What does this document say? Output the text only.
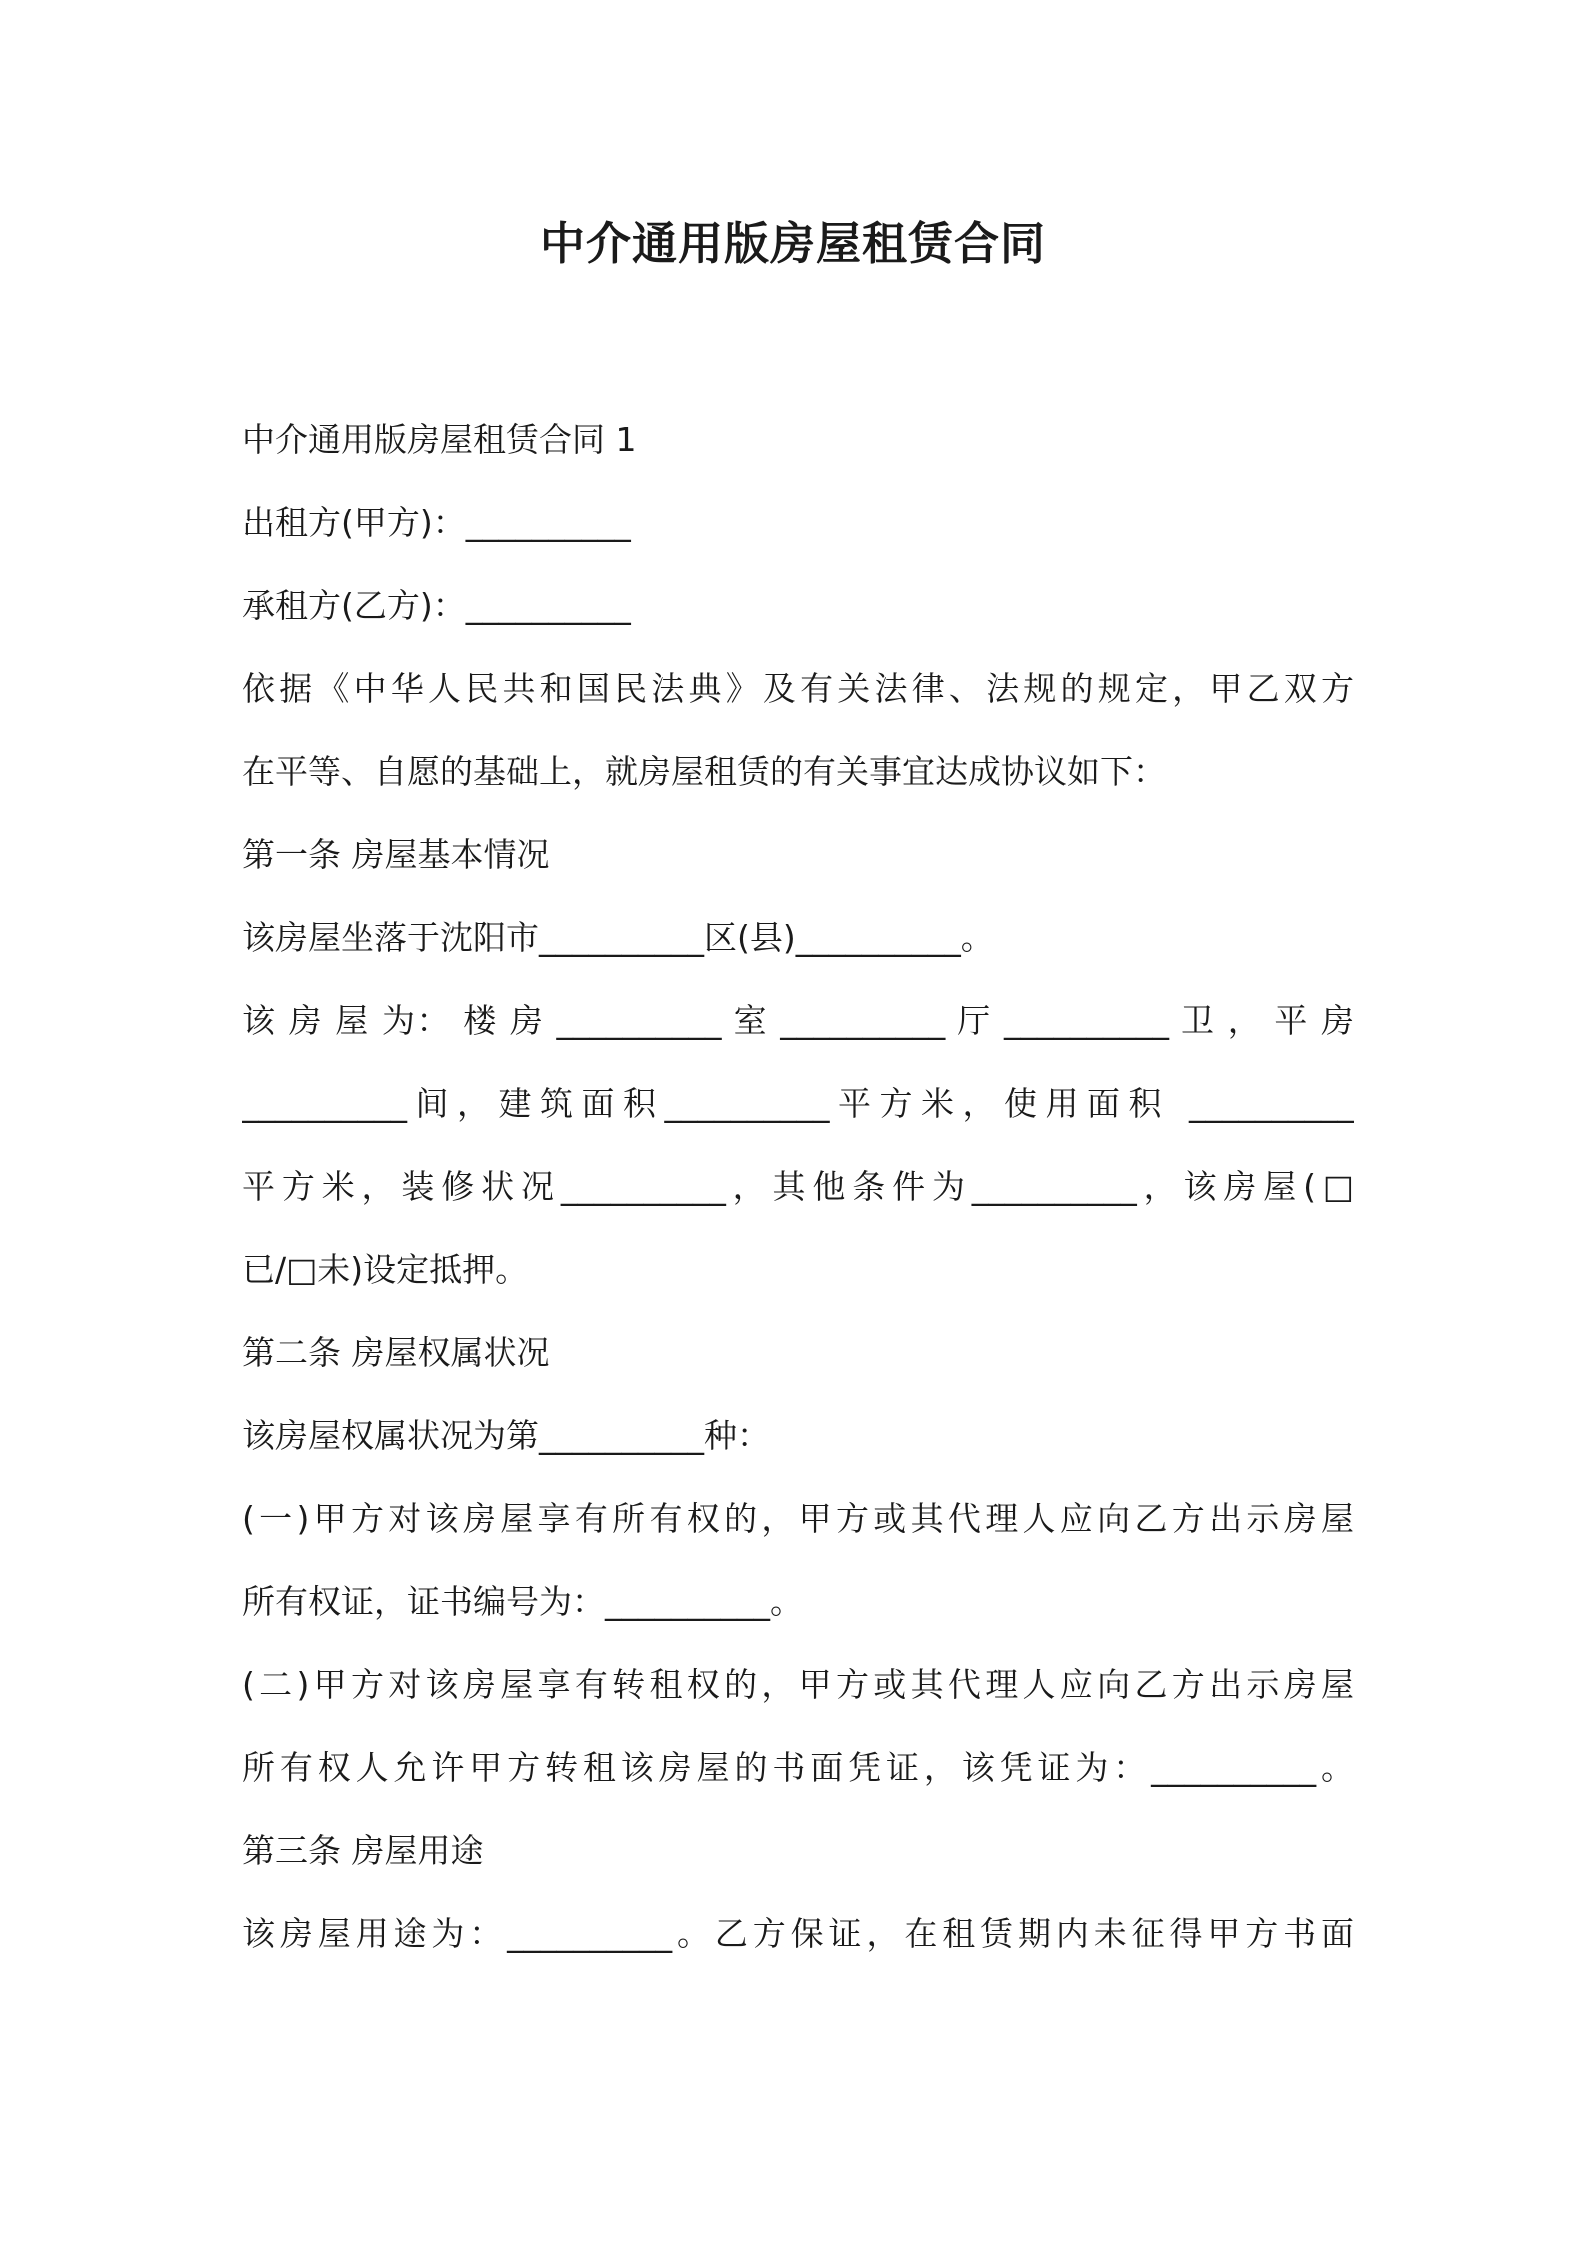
中介通用版房屋租赁合同
中介通用版房屋租赁合同 1
出租方(甲方)：__________
承租方(乙方)：__________
依据《中华人民共和国民法典》及有关法律、法规的规定，甲乙双方
在平等、自愿的基础上，就房屋租赁的有关事宜达成协议如下：
第一条 房屋基本情况
该房屋坐落于沈阳市__________区(县)__________。
该 房 屋 为： 楼 房 __________ 室 __________ 厅 __________ 卫 ， 平 房
__________间，建筑面积__________平方米，使用面积 __________
平方米，装修状况__________，其他条件为__________，该房屋(□
已/□未)设定抵押。
第二条 房屋权属状况
该房屋权属状况为第__________种：
(一)甲方对该房屋享有所有权的，甲方或其代理人应向乙方出示房屋
所有权证，证书编号为：__________。
(二)甲方对该房屋享有转租权的，甲方或其代理人应向乙方出示房屋
所有权人允许甲方转租该房屋的书面凭证，该凭证为：__________。
第三条 房屋用途
该房屋用途为：__________。乙方保证，在租赁期内未征得甲方书面
